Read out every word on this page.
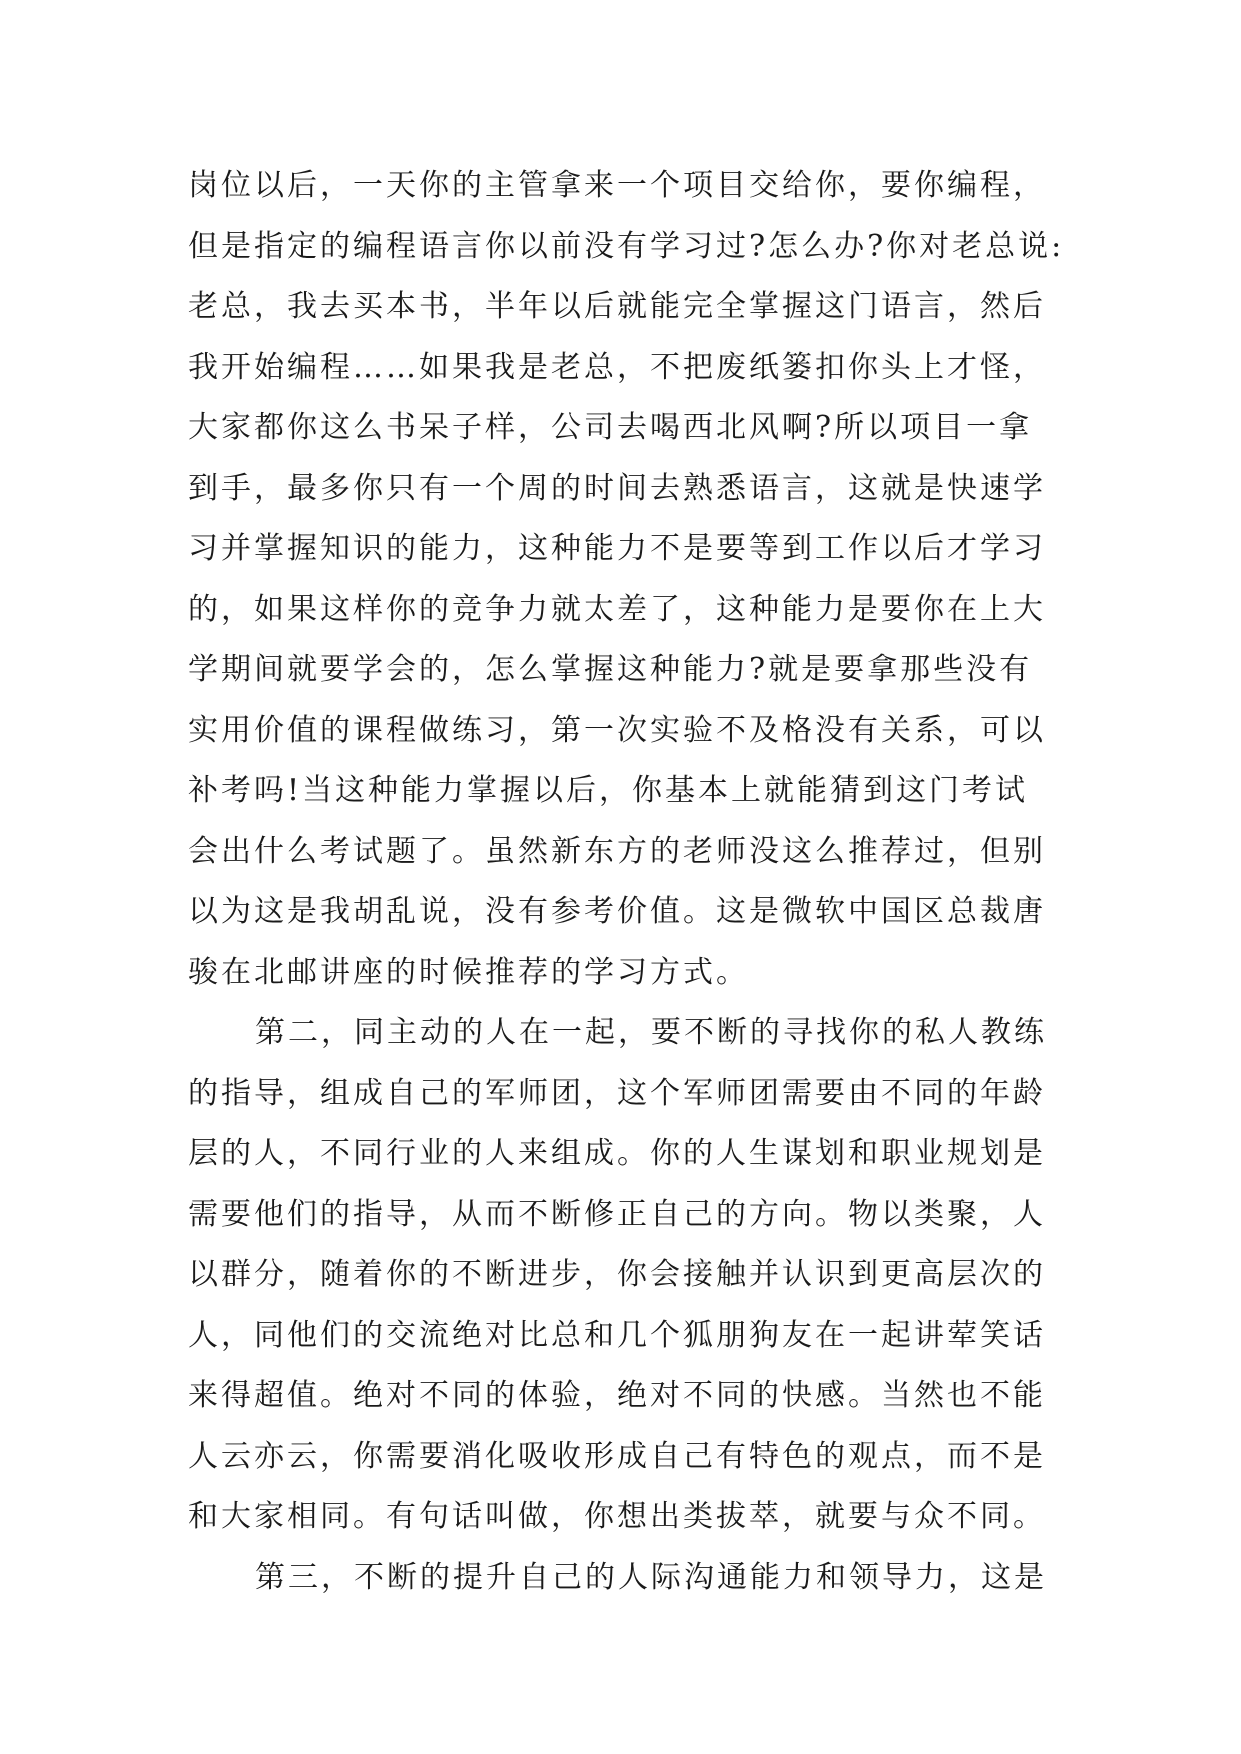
岗位以后，一天你的主管拿来一个项目交给你，要你编程，
但是指定的编程语言你以前没有学习过?怎么办?你对老总说:
老总，我去买本书，半年以后就能完全掌握这门语言，然后
我开始编程……如果我是老总，不把废纸篓扣你头上才怪，
大家都你这么书呆子样，公司去喝西北风啊?所以项目一拿
到手，最多你只有一个周的时间去熟悉语言，这就是快速学
习并掌握知识的能力，这种能力不是要等到工作以后才学习
的，如果这样你的竞争力就太差了，这种能力是要你在上大
学期间就要学会的，怎么掌握这种能力?就是要拿那些没有
实用价值的课程做练习，第一次实验不及格没有关系，可以
补考吗!当这种能力掌握以后，你基本上就能猜到这门考试
会出什么考试题了。虽然新东方的老师没这么推荐过，但别
以为这是我胡乱说，没有参考价值。这是微软中国区总裁唐
骏在北邮讲座的时候推荐的学习方式。
第二，同主动的人在一起，要不断的寻找你的私人教练
的指导，组成自己的军师团，这个军师团需要由不同的年龄
层的人，不同行业的人来组成。你的人生谋划和职业规划是
需要他们的指导，从而不断修正自己的方向。物以类聚，人
以群分，随着你的不断进步，你会接触并认识到更高层次的
人，同他们的交流绝对比总和几个狐朋狗友在一起讲荤笑话
来得超值。绝对不同的体验，绝对不同的快感。当然也不能
人云亦云，你需要消化吸收形成自己有特色的观点，而不是
和大家相同。有句话叫做，你想出类拔萃，就要与众不同。
第三，不断的提升自己的人际沟通能力和领导力，这是
